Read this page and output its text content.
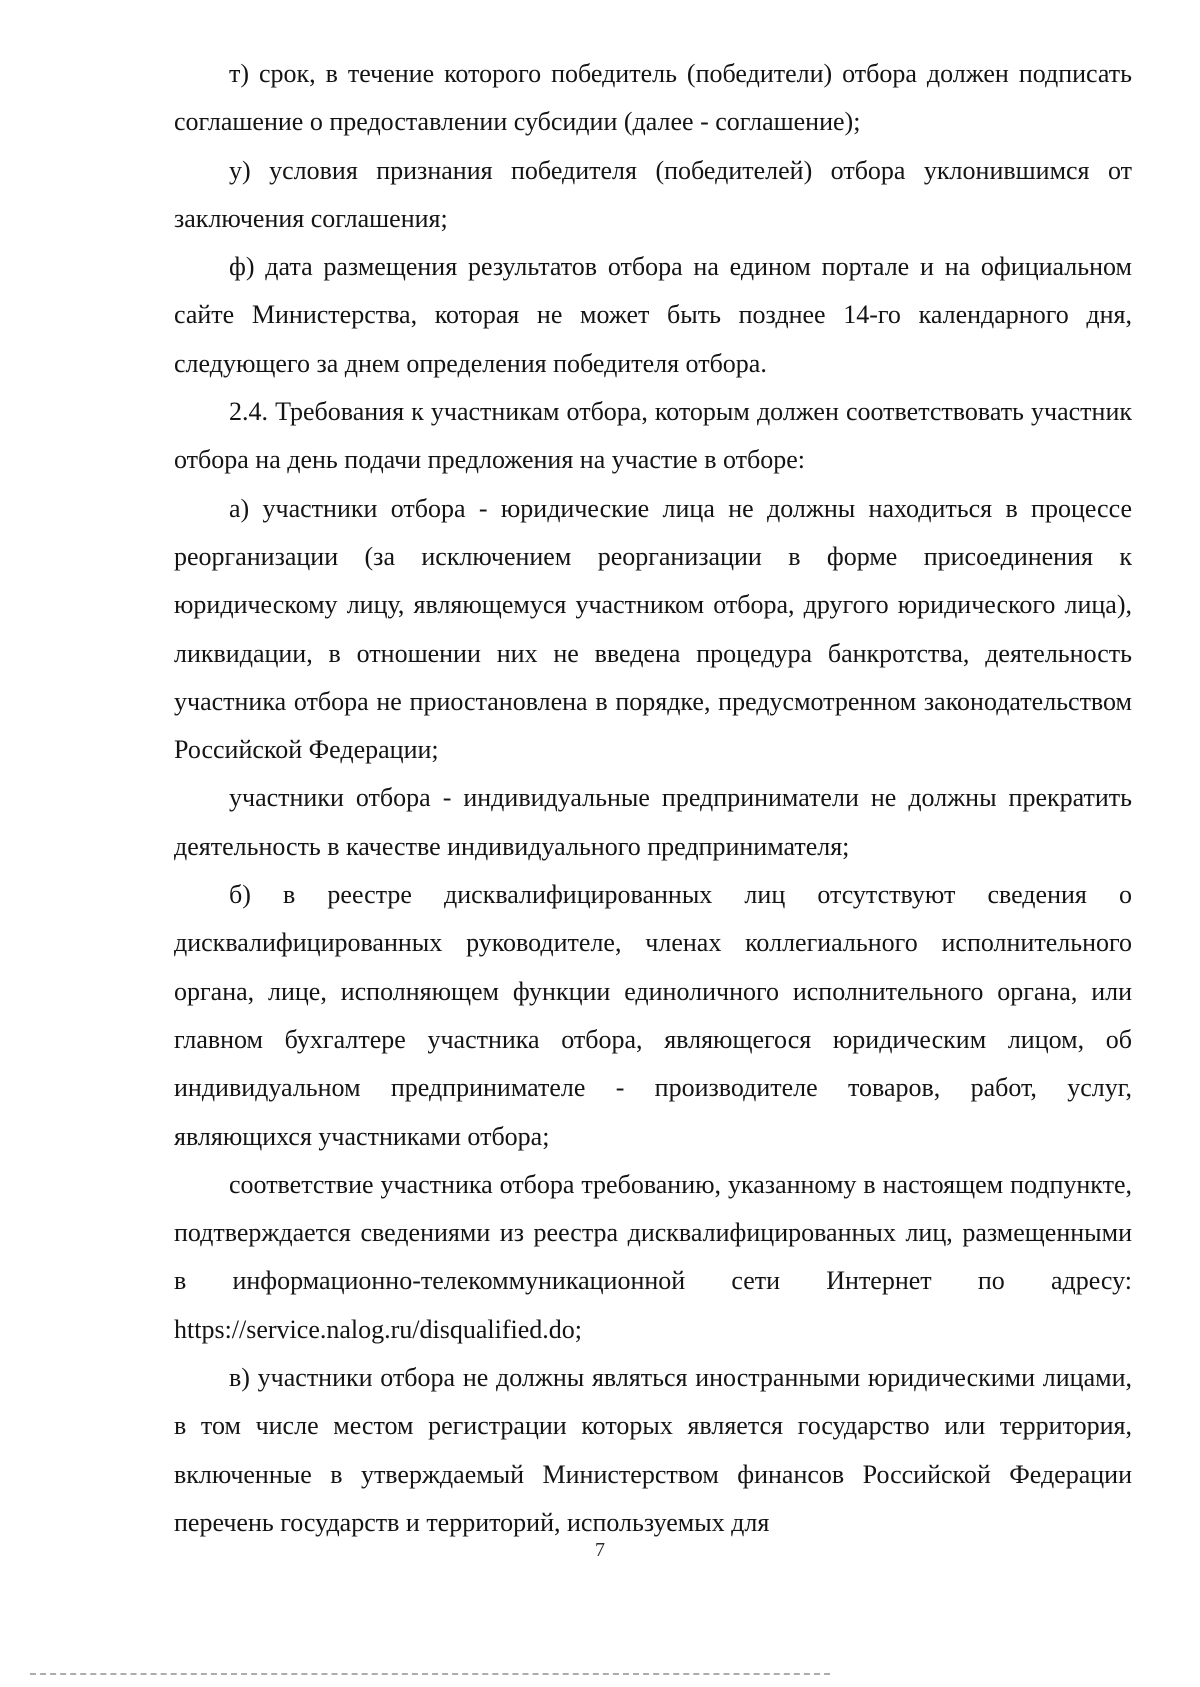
т) срок, в течение которого победитель (победители) отбора должен подписать соглашение о предоставлении субсидии (далее - соглашение);

у) условия признания победителя (победителей) отбора уклонившимся от заключения соглашения;

ф) дата размещения результатов отбора на едином портале и на официальном сайте Министерства, которая не может быть позднее 14-го календарного дня, следующего за днем определения победителя отбора.

2.4. Требования к участникам отбора, которым должен соответствовать участник отбора на день подачи предложения на участие в отборе:

а) участники отбора - юридические лица не должны находиться в процессе реорганизации (за исключением реорганизации в форме присоединения к юридическому лицу, являющемуся участником отбора, другого юридического лица), ликвидации, в отношении них не введена процедура банкротства, деятельность участника отбора не приостановлена в порядке, предусмотренном законодательством Российской Федерации;

участники отбора - индивидуальные предприниматели не должны прекратить деятельность в качестве индивидуального предпринимателя;

б) в реестре дисквалифицированных лиц отсутствуют сведения о дисквалифицированных руководителе, членах коллегиального исполнительного органа, лице, исполняющем функции единоличного исполнительного органа, или главном бухгалтере участника отбора, являющегося юридическим лицом, об индивидуальном предпринимателе - производителе товаров, работ, услуг, являющихся участниками отбора;

соответствие участника отбора требованию, указанному в настоящем подпункте, подтверждается сведениями из реестра дисквалифицированных лиц, размещенными в информационно-телекоммуникационной сети Интернет по адресу: https://service.nalog.ru/disqualified.do;

в) участники отбора не должны являться иностранными юридическими лицами, в том числе местом регистрации которых является государство или территория, включенные в утверждаемый Министерством финансов Российской Федерации перечень государств и территорий, используемых для

7
